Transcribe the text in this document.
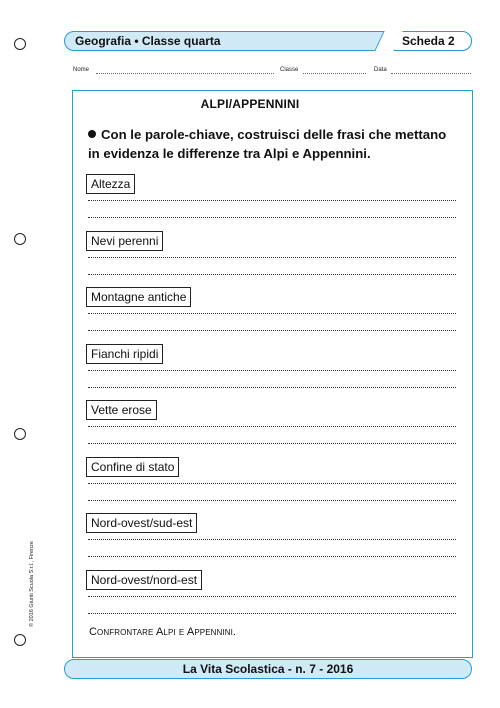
Geografia • Classe quarta	Scheda 2
Nome	Classe	Data
ALPI/APPENNINI
Con le parole-chiave, costruisci delle frasi che mettano in evidenza le differenze tra Alpi e Appennini.
Altezza
Nevi perenni
Montagne antiche
Fianchi ripidi
Vette erose
Confine di stato
Nord-ovest/sud-est
Nord-ovest/nord-est
Confrontare Alpi e Appennini.
© 2016 Giunti Scuola S.r.l., Firenze
La Vita Scolastica - n. 7 - 2016
